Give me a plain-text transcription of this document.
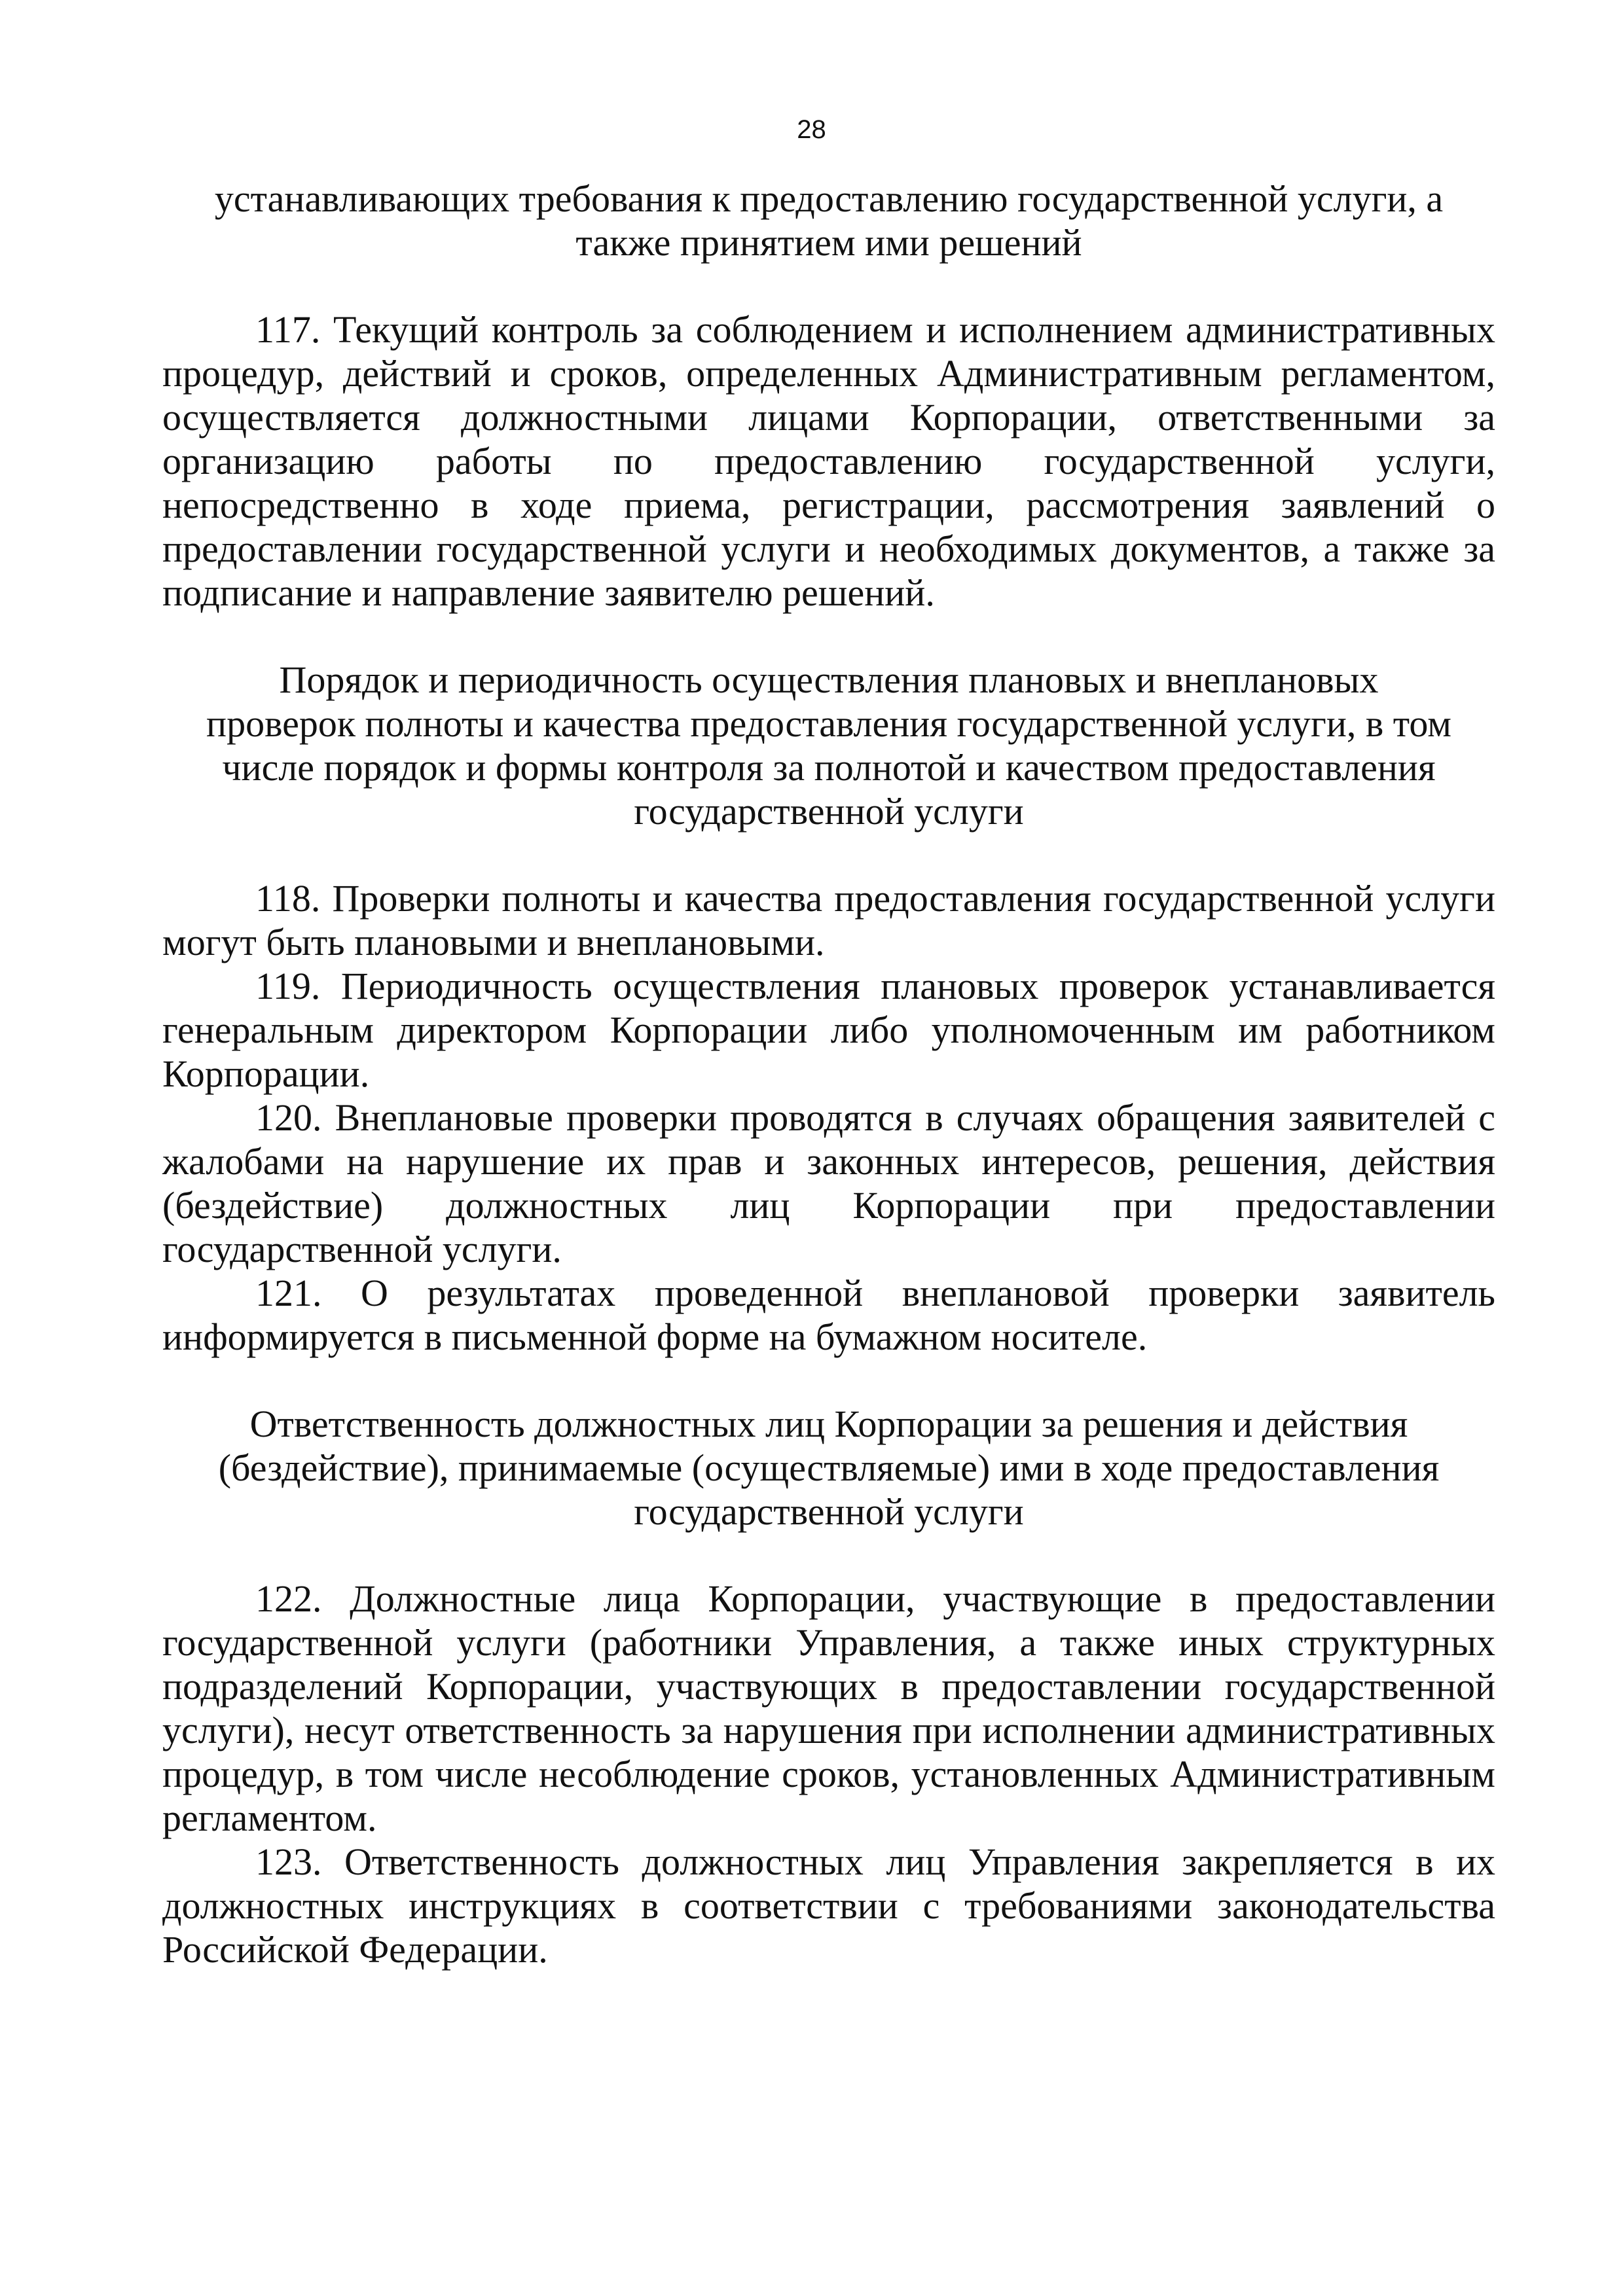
28

устанавливающих требования к предоставлению государственной услуги, а
также принятием ими решений

117. Текущий контроль за соблюдением и исполнением административных процедур, действий и сроков, определенных Административным регламентом, осуществляется должностными лицами Корпорации, ответственными за организацию работы по предоставлению государственной услуги, непосредственно в ходе приема, регистрации, рассмотрения заявлений о предоставлении государственной услуги и необходимых документов, а также за подписание и направление заявителю решений.

Порядок и периодичность осуществления плановых и внеплановых
проверок полноты и качества предоставления государственной услуги, в том
числе порядок и формы контроля за полнотой и качеством предоставления
государственной услуги

118. Проверки полноты и качества предоставления государственной услуги могут быть плановыми и внеплановыми.

119. Периодичность осуществления плановых проверок устанавливается генеральным директором Корпорации либо уполномоченным им работником Корпорации.

120. Внеплановые проверки проводятся в случаях обращения заявителей с жалобами на нарушение их прав и законных интересов, решения, действия (бездействие) должностных лиц Корпорации при предоставлении государственной услуги.

121. О результатах проведенной внеплановой проверки заявитель информируется в письменной форме на бумажном носителе.

Ответственность должностных лиц Корпорации за решения и действия
(бездействие), принимаемые (осуществляемые) ими в ходе предоставления
государственной услуги

122. Должностные лица Корпорации, участвующие в предоставлении государственной услуги (работники Управления, а также иных структурных подразделений Корпорации, участвующих в предоставлении государственной услуги), несут ответственность за нарушения при исполнении административных процедур, в том числе несоблюдение сроков, установленных Административным регламентом.

123. Ответственность должностных лиц Управления закрепляется в их должностных инструкциях в соответствии с требованиями законодательства Российской Федерации.
